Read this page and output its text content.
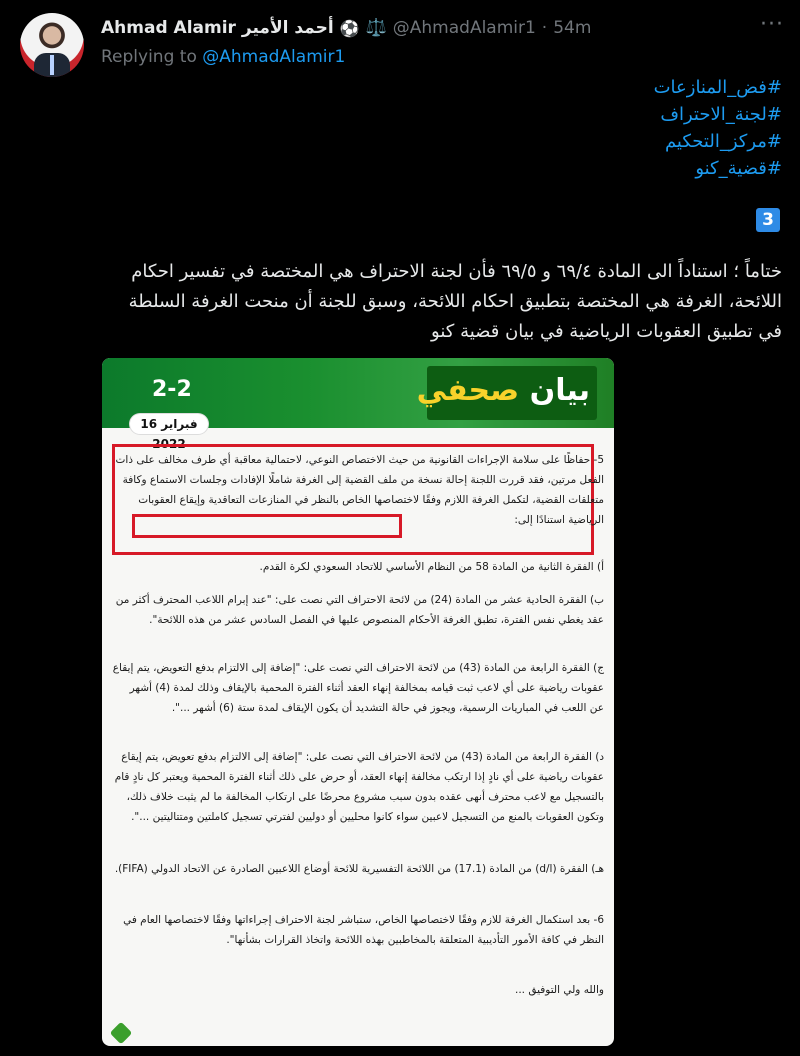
Ahmad Alamir أحمد الأمير ⚽ ⚖️ @AhmadAlamir1 · 54m	···
Replying to @AhmadAlamir1
#فض_المنازعات
#لجنة_الاحتراف
#مركز_التحكيم
#قضية_كنو
3
ختاماً ؛ استناداً الى المادة ٦٩/٤ و ٦٩/٥ فأن لجنة الاحتراف هي المختصة في تفسير احكام اللائحة، الغرفة هي المختصة بتطبيق احكام اللائحة، وسبق للجنة أن منحت الغرفة السلطة في تطبيق العقوبات الرياضية في بيان قضية كنو
2-2	بيان صحفي
16 فبراير 2022
5- حفاظًا على سلامة الإجراءات القانونية من حيث الاختصاص النوعي، لاحتمالية معاقبة أي طرف مخالف على ذات الفعل مرتين، فقد قررت اللجنة إحالة نسخة من ملف القضية إلى الغرفة شاملًا الإفادات وجلسات الاستماع وكافة متعلقات القضية، لتكمل الغرفة اللازم وفقًا لاختصاصها الخاص بالنظر في المنازعات التعاقدية وإيقاع العقوبات الرياضية استنادًا إلى:
أ) الفقرة الثانية من المادة 58 من النظام الأساسي للاتحاد السعودي لكرة القدم.
ب) الفقرة الحادية عشر من المادة (24) من لائحة الاحتراف التي نصت على: "عند إبرام اللاعب المحترف أكثر من عقد يغطي نفس الفترة، تطبق الغرفة الأحكام المنصوص عليها في الفصل السادس عشر من هذه اللائحة".
ج) الفقرة الرابعة من المادة (43) من لائحة الاحتراف التي نصت على: "إضافة إلى الالتزام بدفع التعويض، يتم إيقاع عقوبات رياضية على أي لاعب ثبت قيامه بمخالفة إنهاء العقد أثناء الفترة المحمية بالإيقاف وذلك لمدة (4) أشهر عن اللعب في المباريات الرسمية، ويجوز في حالة التشديد أن يكون الإيقاف لمدة ستة (6) أشهر ...".
د) الفقرة الرابعة من المادة (43) من لائحة الاحتراف التي نصت على: "إضافة إلى الالتزام بدفع تعويض، يتم إيقاع عقوبات رياضية على أي نادٍ إذا ارتكب مخالفة إنهاء العقد، أو حرض على ذلك أثناء الفترة المحمية ويعتبر كل نادٍ قام بالتسجيل مع لاعب محترف أنهى عقده بدون سبب مشروع محرضًا على ارتكاب المخالفة ما لم يثبت خلاف ذلك، وتكون العقوبات بالمنع من التسجيل لاعبين سواء كانوا محليين أو دوليين لفترتي تسجيل كاملتين ومتتاليتين ...".
هـ) الفقرة (d/l) من المادة (17.1) من اللائحة التفسيرية للائحة أوضاع اللاعبين الصادرة عن الاتحاد الدولي (FIFA).
6- بعد استكمال الغرفة للازم وفقًا لاختصاصها الخاص، ستباشر لجنة الاحتراف إجراءاتها وفقًا لاختصاصها العام في النظر في كافة الأمور التأديبية المتعلقة بالمخاطبين بهذه اللائحة واتخاذ القرارات بشأنها".
والله ولي التوفيق ...
